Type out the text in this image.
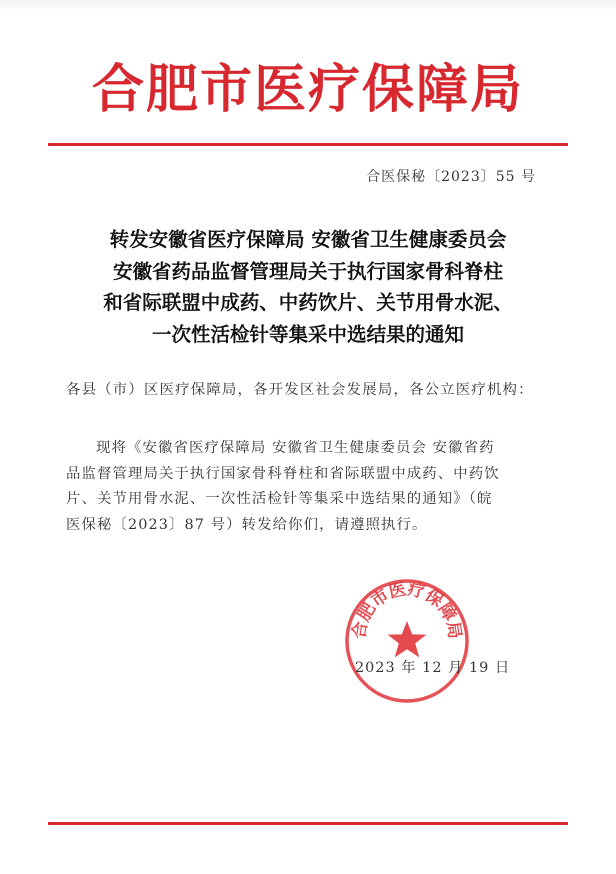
合肥市医疗保障局
合医保秘〔2023〕55 号
转发安徽省医疗保障局 安徽省卫生健康委员会
安徽省药品监督管理局关于执行国家骨科脊柱
和省际联盟中成药、中药饮片、关节用骨水泥、
一次性活检针等集采中选结果的通知
各县（市）区医疗保障局，各开发区社会发展局，各公立医疗机构：
现将《安徽省医疗保障局 安徽省卫生健康委员会 安徽省药
品监督管理局关于执行国家骨科脊柱和省际联盟中成药、中药饮
片、关节用骨水泥、一次性活检针等集采中选结果的通知》（皖
医保秘〔2023〕87 号）转发给你们，请遵照执行。
合肥市医疗保障局
2023 年 12 月 19 日
